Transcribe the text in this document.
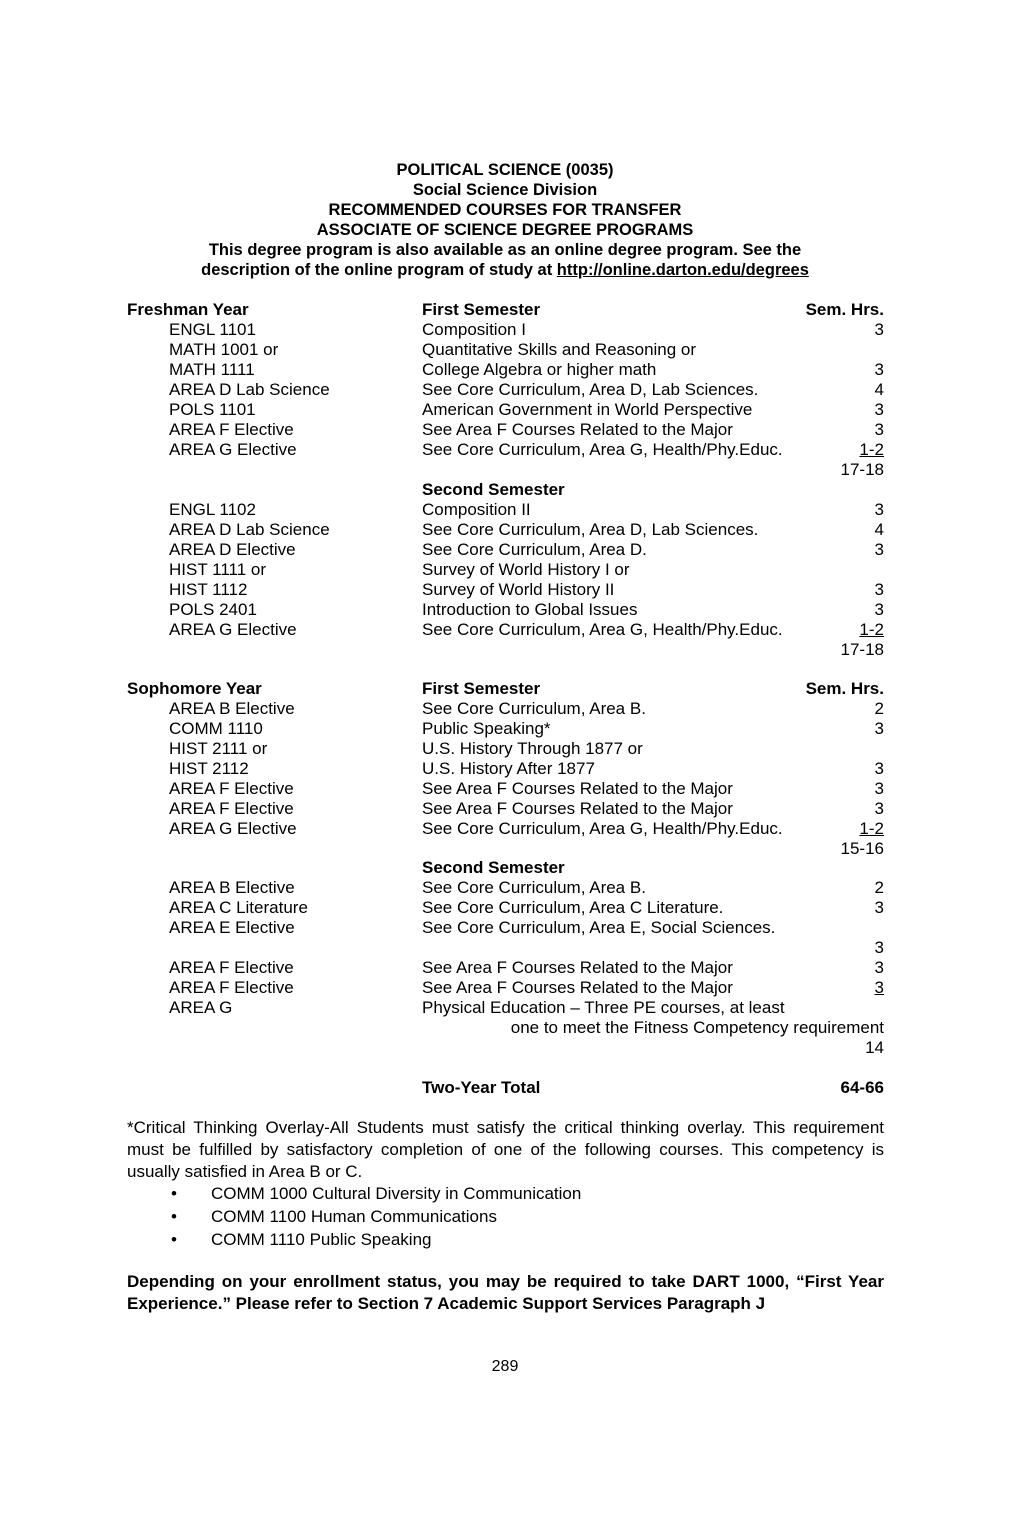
POLITICAL SCIENCE (0035)
Social Science Division
RECOMMENDED COURSES FOR TRANSFER
ASSOCIATE OF SCIENCE DEGREE PROGRAMS
This degree program is also available as an online degree program. See the
description of the online program of study at http://online.darton.edu/degrees
Freshman Year	First Semester	Sem. Hrs.
ENGL 1101	Composition I	3
MATH 1001 or	Quantitative Skills and Reasoning or
MATH 1111	College Algebra or higher math	3
AREA D Lab Science	See Core Curriculum, Area D, Lab Sciences.	4
POLS 1101	American Government in World Perspective	3
AREA F Elective	See Area F Courses Related to the Major	3
AREA G Elective	See Core Curriculum, Area G, Health/Phy.Educ.	1-2
17-18
Second Semester
ENGL 1102	Composition II	3
AREA D Lab Science	See Core Curriculum, Area D, Lab Sciences.	4
AREA D Elective	See Core Curriculum, Area D.	3
HIST 1111 or	Survey of World History I or
HIST 1112	Survey of World History II	3
POLS 2401	Introduction to Global Issues	3
AREA G Elective	See Core Curriculum, Area G, Health/Phy.Educ.	1-2
17-18
Sophomore Year	First Semester	Sem. Hrs.
AREA B Elective	See Core Curriculum, Area B.	2
COMM 1110	Public Speaking*	3
HIST 2111 or	U.S. History Through 1877 or
HIST 2112	U.S. History After 1877	3
AREA F Elective	See Area F Courses Related to the Major	3
AREA F Elective	See Area F Courses Related to the Major	3
AREA G Elective	See Core Curriculum, Area G, Health/Phy.Educ.	1-2
15-16
Second Semester
AREA B Elective	See Core Curriculum, Area B.	2
AREA C Literature	See Core Curriculum, Area C Literature.	3
AREA E Elective	See Core Curriculum, Area E, Social Sciences.
3
AREA F Elective	See Area F Courses Related to the Major	3
AREA F Elective	See Area F Courses Related to the Major	3
AREA G	Physical Education – Three PE courses, at least
one to meet the Fitness Competency requirement
14
Two-Year Total	64-66
*Critical Thinking Overlay-All Students must satisfy the critical thinking overlay. This requirement must be fulfilled by satisfactory completion of one of the following courses. This competency is usually satisfied in Area B or C.
• COMM 1000 Cultural Diversity in Communication
• COMM 1100 Human Communications
• COMM 1110 Public Speaking
Depending on your enrollment status, you may be required to take DART 1000, “First Year Experience.” Please refer to Section 7 Academic Support Services Paragraph J
289
